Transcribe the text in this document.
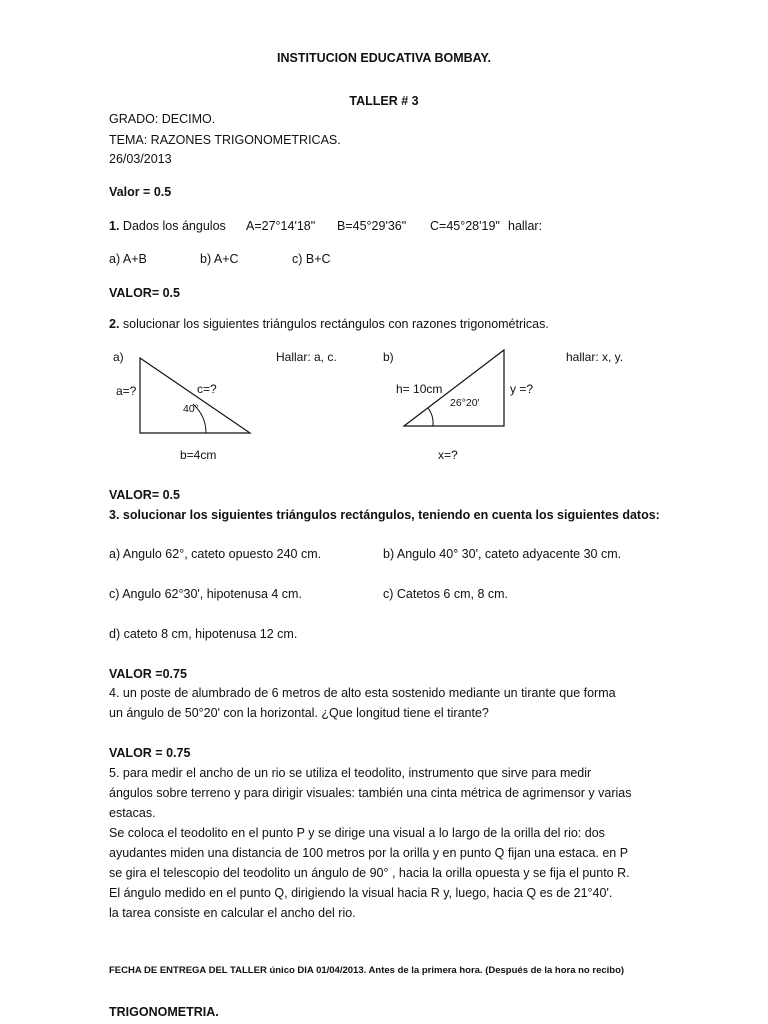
INSTITUCION EDUCATIVA BOMBAY.
TALLER # 3
GRADO: DECIMO.
TEMA: RAZONES TRIGONOMETRICAS.
26/03/2013
Valor = 0.5
1. Dados los ángulos A=27°14'18" B=45°29'36" C=45°28'19" hallar:
a) A+B	b) A+C	c) B+C
VALOR= 0.5
2. solucionar los siguientes triángulos rectángulos con razones trigonométricas.
a)
a=?	c=?
40°
b=4cm
Hallar: a, c.	b)
h= 10cm
26°20'
y =?
x=?
hallar: x, y.
VALOR= 0.5
3. solucionar los siguientes triángulos rectángulos, teniendo en cuenta los siguientes datos:
a) Angulo 62°, cateto opuesto 240 cm.	b) Angulo 40° 30', cateto adyacente 30 cm.
c) Angulo 62°30', hipotenusa 4 cm.	c) Catetos 6 cm, 8 cm.
d) cateto 8 cm, hipotenusa 12 cm.
VALOR =0.75
4. un poste de alumbrado de 6 metros de alto esta sostenido mediante un tirante que forma
un ángulo de 50°20' con la horizontal. ¿Que longitud tiene el tirante?
VALOR = 0.75
5. para medir el ancho de un rio se utiliza el teodolito, instrumento que sirve para medir
ángulos sobre terreno y para dirigir visuales: también una cinta métrica de agrimensor y varias
estacas.
Se coloca el teodolito en el punto P y se dirige una visual a lo largo de la orilla del rio: dos
ayudantes miden una distancia de 100 metros por la orilla y en punto Q fijan una estaca. en P
se gira el telescopio del teodolito un ángulo de 90° , hacia la orilla opuesta y se fija el punto R.
El ángulo medido en el punto Q, dirigiendo la visual hacia R y, luego, hacia Q es de 21°40'.
la tarea consiste en calcular el ancho del rio.
FECHA DE ENTREGA DEL TALLER único DIA 01/04/2013. Antes de la primera hora. (Después de la hora no recibo)
TRIGONOMETRIA.
